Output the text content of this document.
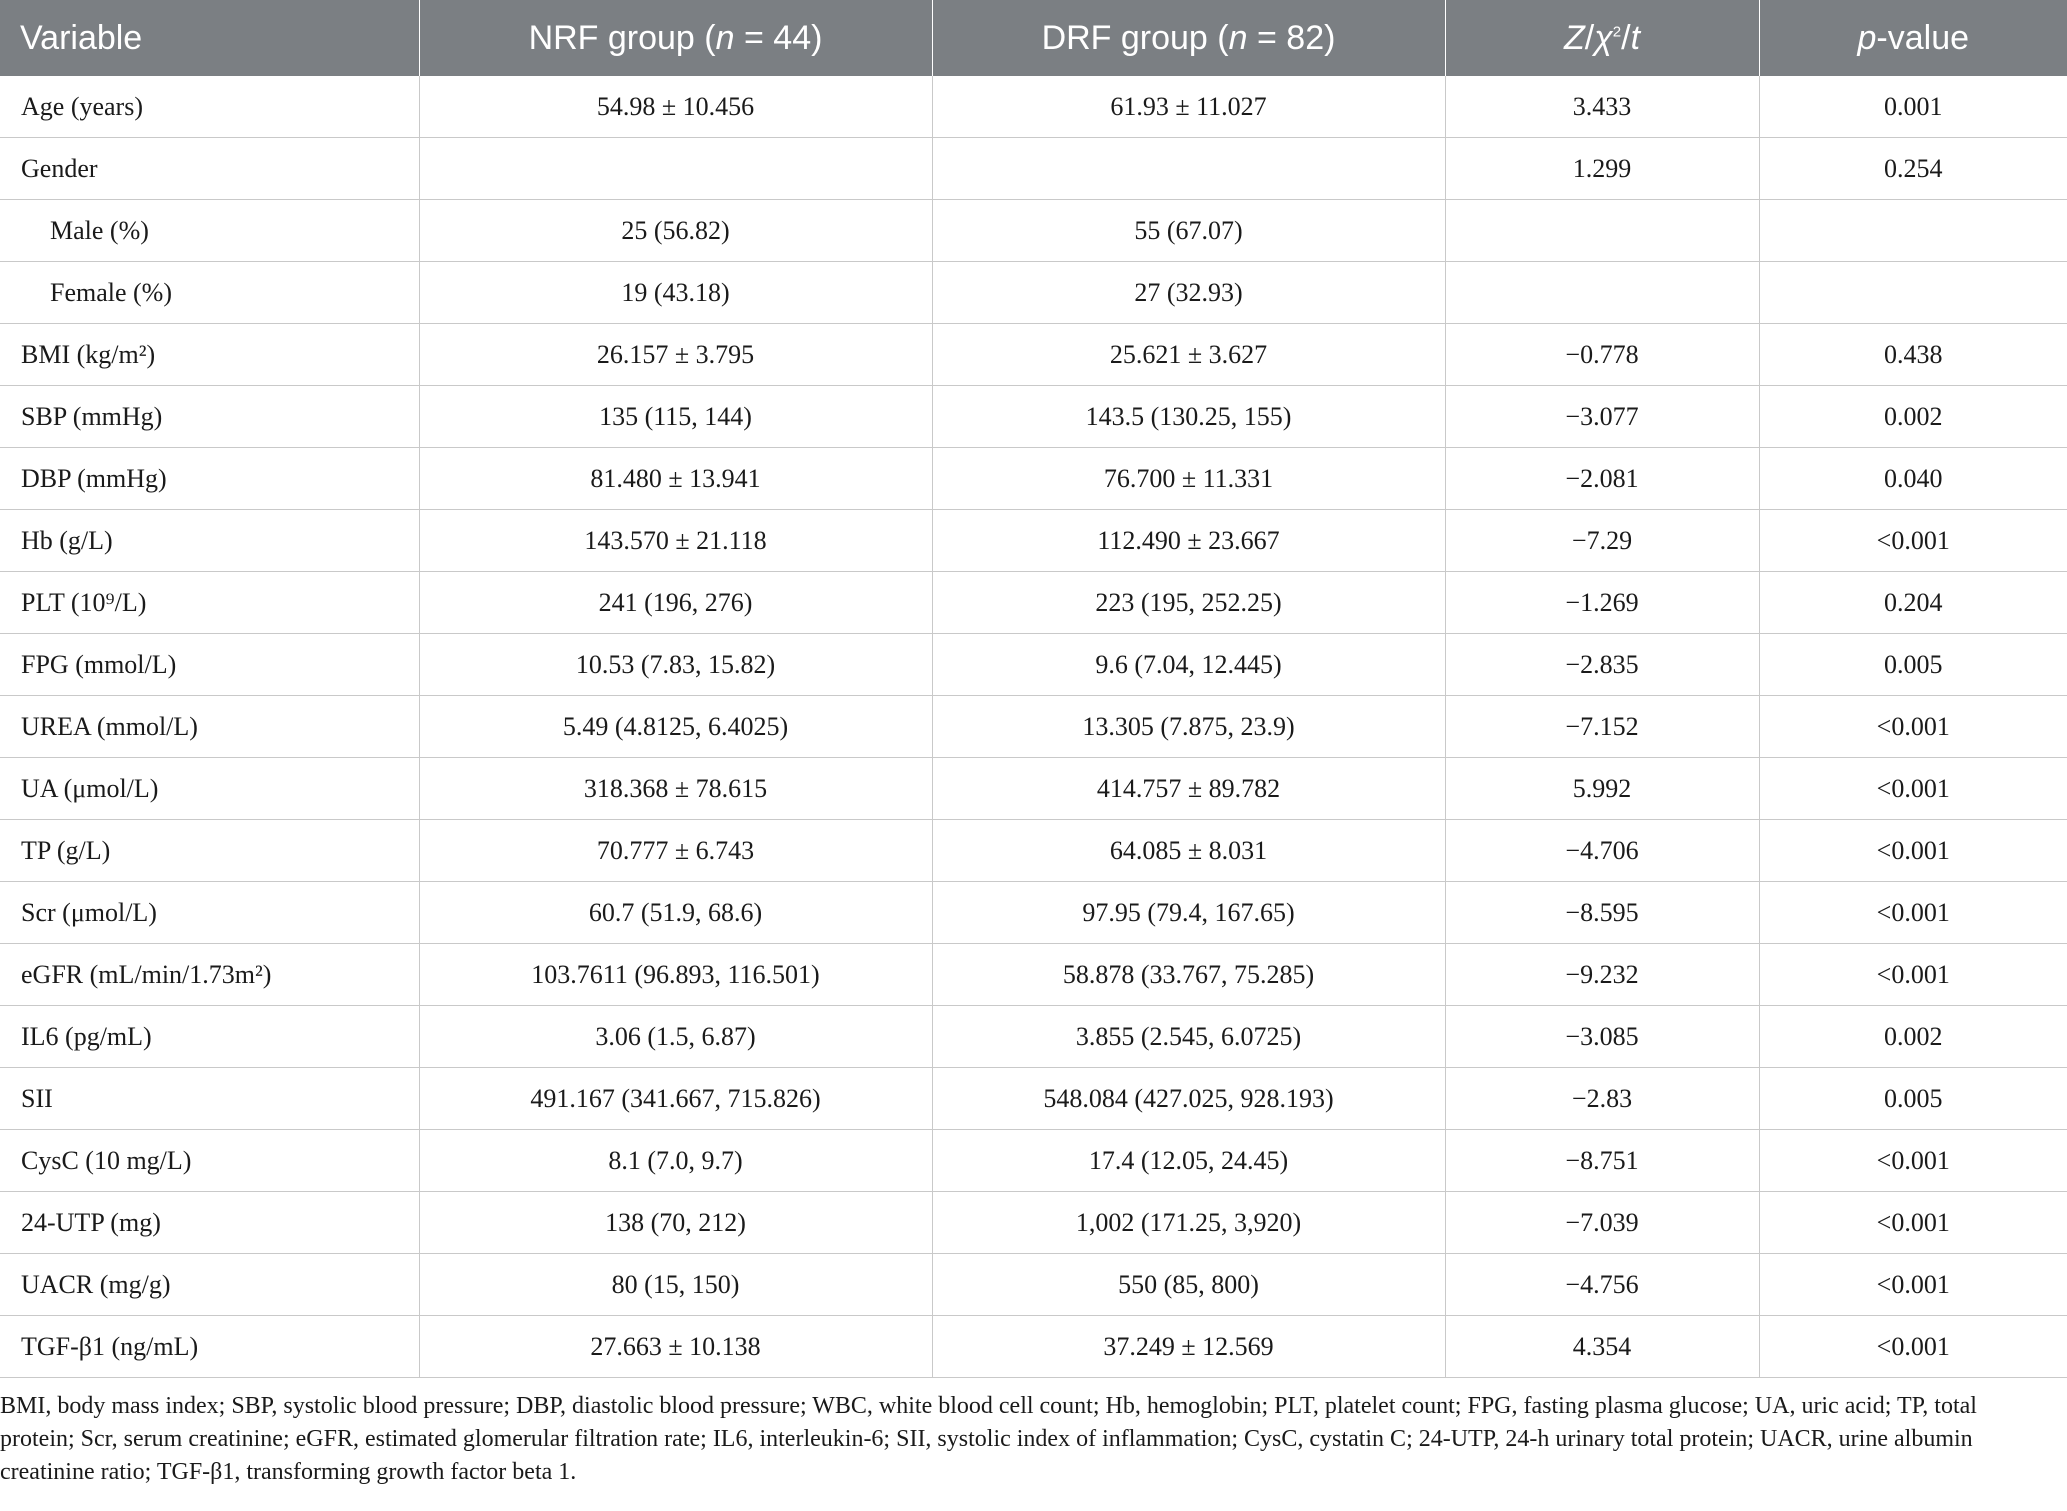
Variable	NRF group (n = 44)	DRF group (n = 82)	$Z/\chi^2/t$	p-value
Age (years)	54.98 ± 10.456	61.93 ± 11.027	3.433	0.001
Gender			1.299	0.254
Male (%)	25 (56.82)	55 (67.07)		
Female (%)	19 (43.18)	27 (32.93)		
BMI (kg/m²)	26.157 ± 3.795	25.621 ± 3.627	−0.778	0.438
SBP (mmHg)	135 (115, 144)	143.5 (130.25, 155)	−3.077	0.002
DBP (mmHg)	81.480 ± 13.941	76.700 ± 11.331	−2.081	0.040
Hb (g/L)	143.570 ± 21.118	112.490 ± 23.667	−7.29	<0.001
PLT (10⁹/L)	241 (196, 276)	223 (195, 252.25)	−1.269	0.204
FPG (mmol/L)	10.53 (7.83, 15.82)	9.6 (7.04, 12.445)	−2.835	0.005
UREA (mmol/L)	5.49 (4.8125, 6.4025)	13.305 (7.875, 23.9)	−7.152	<0.001
UA (μmol/L)	318.368 ± 78.615	414.757 ± 89.782	5.992	<0.001
TP (g/L)	70.777 ± 6.743	64.085 ± 8.031	−4.706	<0.001
Scr (μmol/L)	60.7 (51.9, 68.6)	97.95 (79.4, 167.65)	−8.595	<0.001
eGFR (mL/min/1.73m²)	103.7611 (96.893, 116.501)	58.878 (33.767, 75.285)	−9.232	<0.001
IL6 (pg/mL)	3.06 (1.5, 6.87)	3.855 (2.545, 6.0725)	−3.085	0.002
SII	491.167 (341.667, 715.826)	548.084 (427.025, 928.193)	−2.83	0.005
CysC (10 mg/L)	8.1 (7.0, 9.7)	17.4 (12.05, 24.45)	−8.751	<0.001
24-UTP (mg)	138 (70, 212)	1,002 (171.25, 3,920)	−7.039	<0.001
UACR (mg/g)	80 (15, 150)	550 (85, 800)	−4.756	<0.001
TGF-β1 (ng/mL)	27.663 ± 10.138	37.249 ± 12.569	4.354	<0.001
BMI, body mass index; SBP, systolic blood pressure; DBP, diastolic blood pressure; WBC, white blood cell count; Hb, hemoglobin; PLT, platelet count; FPG, fasting plasma glucose; UA, uric acid; TP, total protein; Scr, serum creatinine; eGFR, estimated glomerular filtration rate; IL6, interleukin-6; SII, systolic index of inflammation; CysC, cystatin C; 24-UTP, 24-h urinary total protein; UACR, urine albumin creatinine ratio; TGF-β1, transforming growth factor beta 1.
